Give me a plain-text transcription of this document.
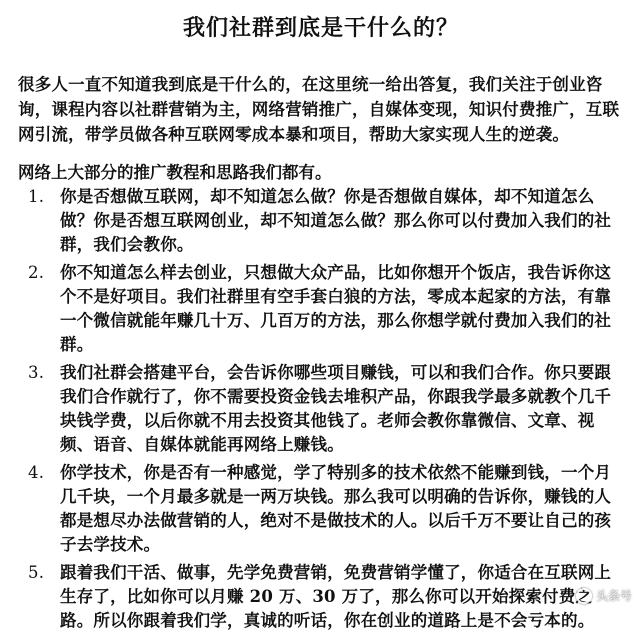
我们社群到底是干什么的？

很多人一直不知道我到底是干什么的，在这里统一给出答复，我们关注于创业咨询，课程内容以社群营销为主，网络营销推广，自媒体变现，知识付费推广，互联网引流，带学员做各种互联网零成本暴和项目，帮助大家实现人生的逆袭。

网络上大部分的推广教程和思路我们都有。

1. 你是否想做互联网，却不知道怎么做？你是否想做自媒体，却不知道怎么做？你是否想互联网创业，却不知道怎么做？那么你可以付费加入我们的社群，我们会教你。
2. 你不知道怎么样去创业，只想做大众产品，比如你想开个饭店，我告诉你这个不是好项目。我们社群里有空手套白狼的方法，零成本起家的方法，有靠一个微信就能年赚几十万、几百万的方法，那么你想学就付费加入我们的社群。
3. 我们社群会搭建平台，会告诉你哪些项目赚钱，可以和我们合作。你只要跟我们合作就行了，你不需要投资金钱去堆积产品，你跟我学最多就教个几千块钱学费，以后你就不用去投资其他钱了。老师会教你靠微信、文章、视频、语音、自媒体就能再网络上赚钱。
4. 你学技术，你是否有一种感觉，学了特别多的技术依然不能赚到钱，一个月几千块，一个月最多就是一两万块钱。那么我可以明确的告诉你，赚钱的人都是想尽办法做营销的人，绝对不是做技术的人。以后千万不要让自己的孩子去学技术。
5. 跟着我们干活、做事，先学免费营销，免费营销学懂了，你适合在互联网上生存了，比如你可以月赚 20 万、30 万了，那么你可以开始探索付费之路。所以你跟着我们学，真诚的听话，你在创业的道路上是不会亏本的。
头条号
